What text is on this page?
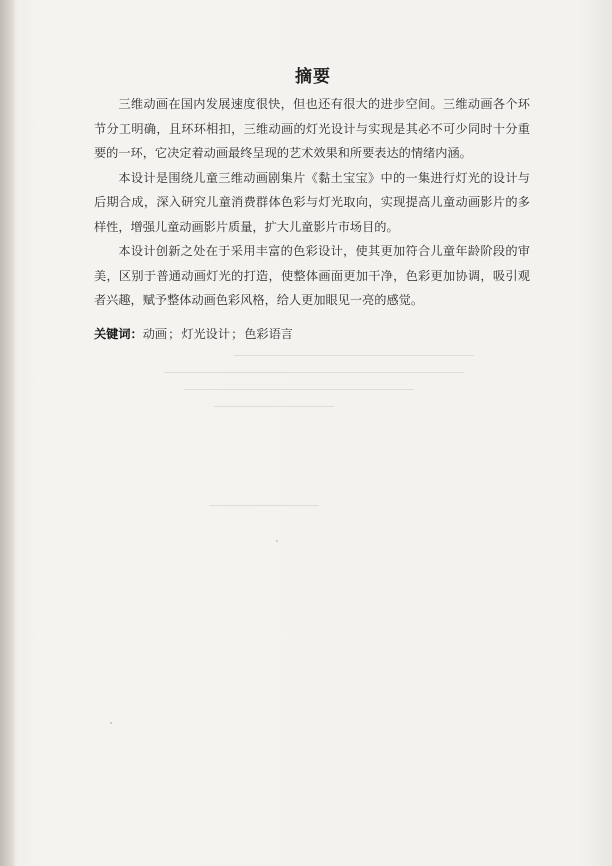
摘要

三维动画在国内发展速度很快，但也还有很大的进步空间。三维动画各个环节分工明确，且环环相扣，三维动画的灯光设计与实现是其必不可少同时十分重要的一环，它决定着动画最终呈现的艺术效果和所要表达的情绪内涵。

本设计是围绕儿童三维动画剧集片《黏土宝宝》中的一集进行灯光的设计与后期合成，深入研究儿童消费群体色彩与灯光取向，实现提高儿童动画影片的多样性，增强儿童动画影片质量，扩大儿童影片市场目的。

本设计创新之处在于采用丰富的色彩设计，使其更加符合儿童年龄阶段的审美，区别于普通动画灯光的打造，使整体画面更加干净，色彩更加协调，吸引观者兴趣，赋予整体动画色彩风格，给人更加眼见一亮的感觉。

关键词：动画；灯光设计；色彩语言
